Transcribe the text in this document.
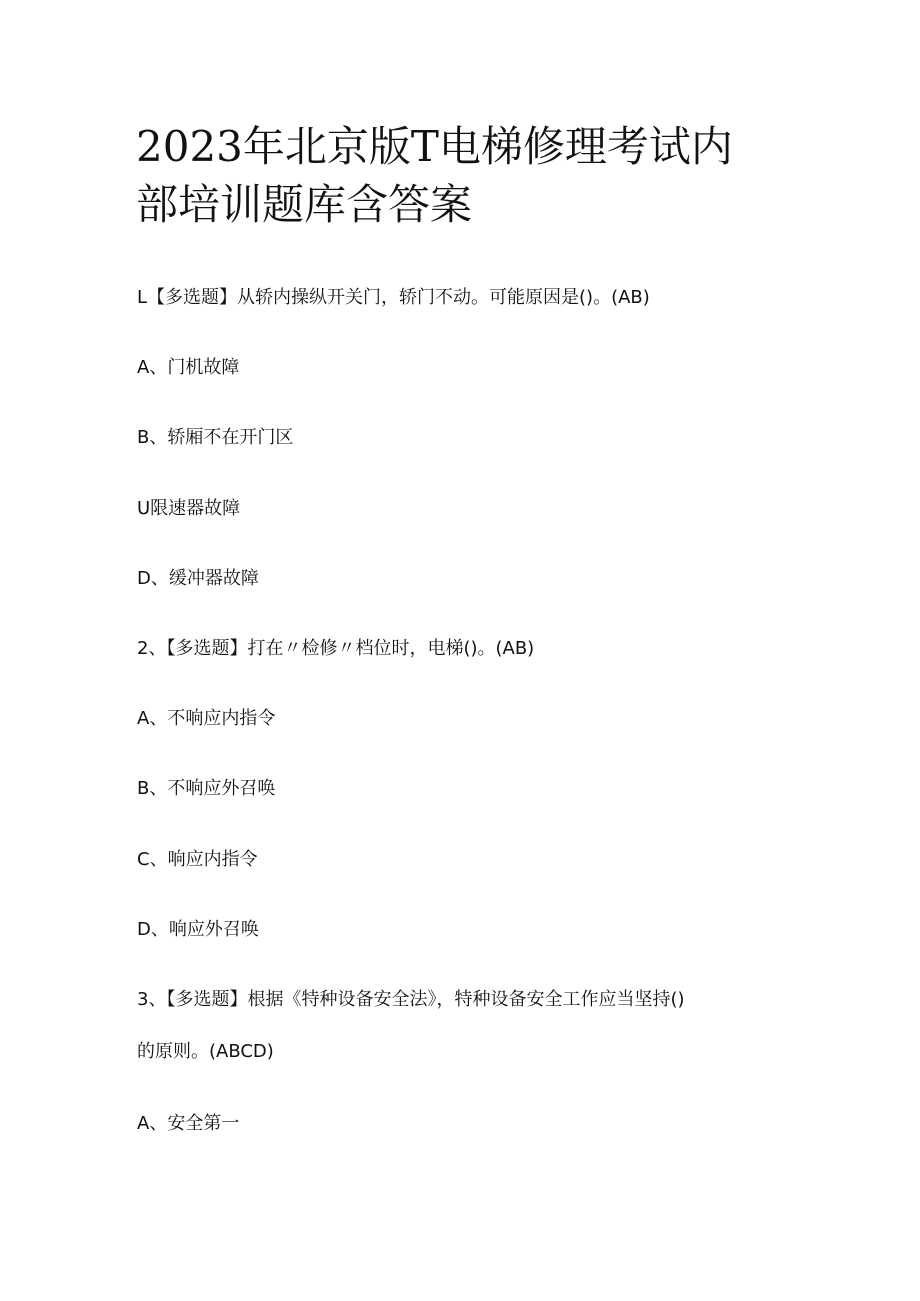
2023年北京版T电梯修理考试内
部培训题库含答案
L【多选题】从轿内操纵开关门，轿门不动。可能原因是()。(AB)
A、门机故障
B、轿厢不在开门区
U限速器故障
D、缓冲器故障
2、【多选题】打在〃检修〃档位时，电梯()。(AB)
A、不响应内指令
B、不响应外召唤
C、响应内指令
D、响应外召唤
3、【多选题】根据《特种设备安全法》，特种设备安全工作应当坚持()
的原则。(ABCD)
A、安全第一
